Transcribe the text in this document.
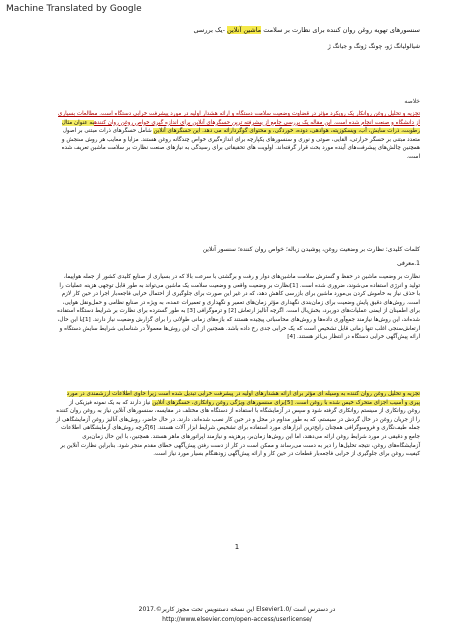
Machine Translated by Google
سنسورهای تهویه روغن روان کننده برای نظارت بر سلامت ماشین آنلاین -یک بررسی
شیالولیانگ ژو، چونگ ژونگ و جیانگ ژ
خلاصه
تجزیه و تحلیل روغن روانکار یک رویکرد مؤثر در قضاوت وضعیت سلامت دستگاه و ارائه هشدار اولیه در مورد پیشرفت خرابی دستگاه است. مطالعات بسیاری از دانشگاه و صنعت انجام شده است. این مقاله یک بررسی جامع از پیشرفته ترین حسگرهای آنلاین برای اندازه گیری خواص روغن روان کنندهبه عنوان مثال رطوبت، ذرات سایش، آب، ویسکوزیته، هوادهی، دوده، خوردگی، و محتوای گوگردارائه می دهد. این حسگرهای آنلاین شامل حسگرهای ذرات مبتنی بر اصول متعدد مبتنی بر حسگر حرارتی، القایی، صوتی و نوری و سنسورهای یکپارچه برای اندازه‌گیری خواص چندگانه روغن هستند. مزایا و معایب هر روش سنجش و همچنین چالش‌های پیشرفت‌های آینده مورد بحث قرار گرفته‌اند. اولویت های تحقیقاتی برای رسیدگی به نیازهای صنعت نظارت بر سلامت ماشین تعریف شده است.
کلمات کلیدی: نظارت بر وضعیت روغن، پوشیدن زباله؛ خواص روان کننده؛ سنسور آنلاین
1.معرفی
نظارت بر وضعیت ماشین در حفظ و گسترش سلامت ماشین‌های دوار و رفت و برگشتی با سرعت بالا که در بسیاری از صنایع کلیدی کشور از جمله هواپیما، تولید و انرژی استفاده می‌شوند، ضروری شده است. [1]نظارت بر وضعیت واقعی و وضعیت سلامت یک ماشین می‌تواند به طور قابل توجهی هزینه عملیات را با حذف نیاز به خاموش کردن بی‌مورد ماشین برای بازرسی کاهش دهد، که در غیر این صورت برای جلوگیری از احتمال خرابی فاجعه‌بار اجرا در حین کار لازم است. روش‌های دقیق پایش وضعیت برای زمان‌بندی نگهداری مؤثر زمان‌های تعمیر و نگهداری و تعمیرات عمده، به ویژه در صنایع نظامی و حمل‌ونقل هوایی، برای اطمینان از ایمنی عملیات‌های دوربرد، بخش‌بال است. اگرچه آنالیز ارتعاش [2] و ترموگرافی [3] به طور گسترده برای نظارت بر شرایط دستگاه استفاده شده‌اند، این روش‌ها نیازمند جمع‌آوری داده‌ها و روش‌های محاسباتی پیچیده هستند که بازه‌های زمانی طولانی را برای گزارش وضعیت نیاز دارند. [1]با این حال، ارتعاش‌سنجی اغلب تنها زمانی قابل تشخیص است که یک خرابی جدی رخ داده باشد. همچنین از آن، این روش‌ها معمولاً در شناسایی شرایط سایش دستگاه و ارائه پیش‌آگهی خرابی دستگاه در انتظار بی‌اثر هستند. [4]
تجزیه و تحلیل روغن روان کننده به وسیله ای مؤثر برای ارائه هشدارهای اولیه در پیشرفت خرابی تبدیل شده است زیرا حاوی اطلاعات ارزشمندی در مورد پیری و آسیب اجزای متحرک خیس شده با روغن است. [5]برای سنسورهای ویژگی روغن روانکاری، حسگرهای آنلاین نیاز دارند که به یک نمونه فیزیکی از روغن روانکاری از سیستم روانکاری گرفته شود و سپس در آزمایشگاه با استفاده از دستگاه های مختلف در مقایسه، سنسورهای آنلاین نیاز به روغن روان کننده را از جریان روغن در حال گردش در سیستم، که به طور مداوم در محل و در حین کار نصب شده‌اند، دارند. در حال حاضر، روش‌های آنالیز روغن آزمایشگاهی از جمله طیف‌نگاری و فروسوگرافی همچنان رایج‌ترین ابزارهای مورد استفاده برای تشخیص شرایط ابزار آلات هستند. [6]گرچه روش‌های آزمایشگاهی اطلاعات جامع و دقیقی در مورد شرایط روغن ارائه می‌دهند، اما این روش‌ها زمان‌بر، پرهزینه و نیازمند اپراتورهای ماهر هستند. همچنین، با این حال زمان‌بری آزمایشگاه‌های روغن، نتیجه تحلیل‌ها را دیر به دست می‌رساند و ممکن است در کار از دست رفتن پیش‌آگهی خطای مقدم منجر شود. بنابراین نظارت آنلاین بر کیفیت روغن برای جلوگیری از خرابی فاجعه‌بار قطعات در حین کار و ارائه پیش‌آگهی زودهنگام بسیار مورد نیاز است.
1
2017.©این نسخه دستنویس تحت مجوز کاربر Elsevierدر دسترس است /1.0
http://www.elsevier.com/open-access/userlicense/
